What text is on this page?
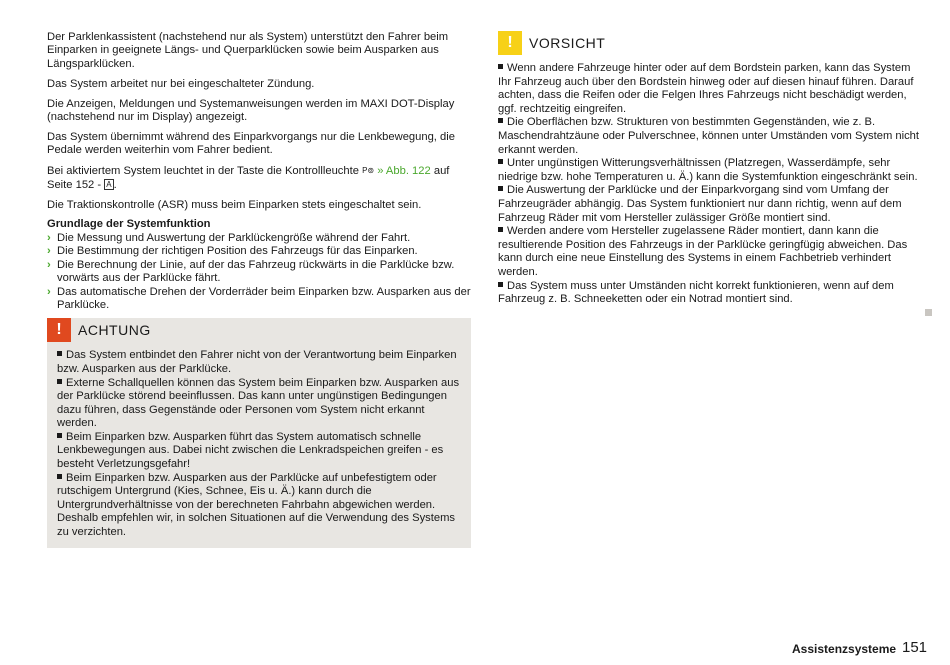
Der Parklenkassistent (nachstehend nur als System) unterstützt den Fahrer beim Einparken in geeignete Längs- und Querparklücken sowie beim Ausparken aus Längsparklücken.

Das System arbeitet nur bei eingeschalteter Zündung.

Die Anzeigen, Meldungen und Systemanweisungen werden im MAXI DOT-Display (nachstehend nur im Display) angezeigt.

Das System übernimmt während des Einparkvorgangs nur die Lenkbewegung, die Pedale werden weiterhin vom Fahrer bedient.

Bei aktiviertem System leuchtet in der Taste die Kontrollleuchte P⊚ » Abb. 122 auf Seite 152 - A .

Die Traktionskontrolle (ASR) muss beim Einparken stets eingeschaltet sein.

Grundlage der Systemfunktion
› Die Messung und Auswertung der Parklückengröße während der Fahrt.
› Die Bestimmung der richtigen Position des Fahrzeugs für das Einparken.
› Die Berechnung der Linie, auf der das Fahrzeug rückwärts in die Parklücke bzw. vorwärts aus der Parklücke fährt.
› Das automatische Drehen der Vorderräder beim Einparken bzw. Ausparken aus der Parklücke.
!	ACHTUNG

Das System entbindet den Fahrer nicht von der Verantwortung beim Einparken bzw. Ausparken aus der Parklücke.

Externe Schallquellen können das System beim Einparken bzw. Ausparken aus der Parklücke störend beeinflussen. Das kann unter ungünstigen Bedingungen dazu führen, dass Gegenstände oder Personen vom System nicht erkannt werden.

Beim Einparken bzw. Ausparken führt das System automatisch schnelle Lenkbewegungen aus. Dabei nicht zwischen die Lenkradspeichen greifen - es besteht Verletzungsgefahr!

Beim Einparken bzw. Ausparken aus der Parklücke auf unbefestigtem oder rutschigem Untergrund (Kies, Schnee, Eis u. Ä.) kann durch die Untergrundverhältnisse von der berechneten Fahrbahn abgewichen werden. Deshalb empfehlen wir, in solchen Situationen auf die Verwendung des Systems zu verzichten.

!	VORSICHT

Wenn andere Fahrzeuge hinter oder auf dem Bordstein parken, kann das System Ihr Fahrzeug auch über den Bordstein hinweg oder auf diesen hinauf führen. Darauf achten, dass die Reifen oder die Felgen Ihres Fahrzeugs nicht beschädigt werden, ggf. rechtzeitig eingreifen.

Die Oberflächen bzw. Strukturen von bestimmten Gegenständen, wie z. B. Maschendrahtzäune oder Pulverschnee, können unter Umständen vom System nicht erkannt werden.

Unter ungünstigen Witterungsverhältnissen (Platzregen, Wasserdämpfe, sehr niedrige bzw. hohe Temperaturen u. Ä.) kann die Systemfunktion eingeschränkt sein.

Die Auswertung der Parklücke und der Einparkvorgang sind vom Umfang der Fahrzeugräder abhängig. Das System funktioniert nur dann richtig, wenn auf dem Fahrzeug Räder mit vom Hersteller zulässiger Größe montiert sind.

Werden andere vom Hersteller zugelassene Räder montiert, dann kann die resultierende Position des Fahrzeugs in der Parklücke geringfügig abweichen. Das kann durch eine neue Einstellung des Systems in einem Fachbetrieb verhindert werden.

Das System muss unter Umständen nicht korrekt funktionieren, wenn auf dem Fahrzeug z. B. Schneeketten oder ein Notrad montiert sind.

Assistenzsysteme 151
